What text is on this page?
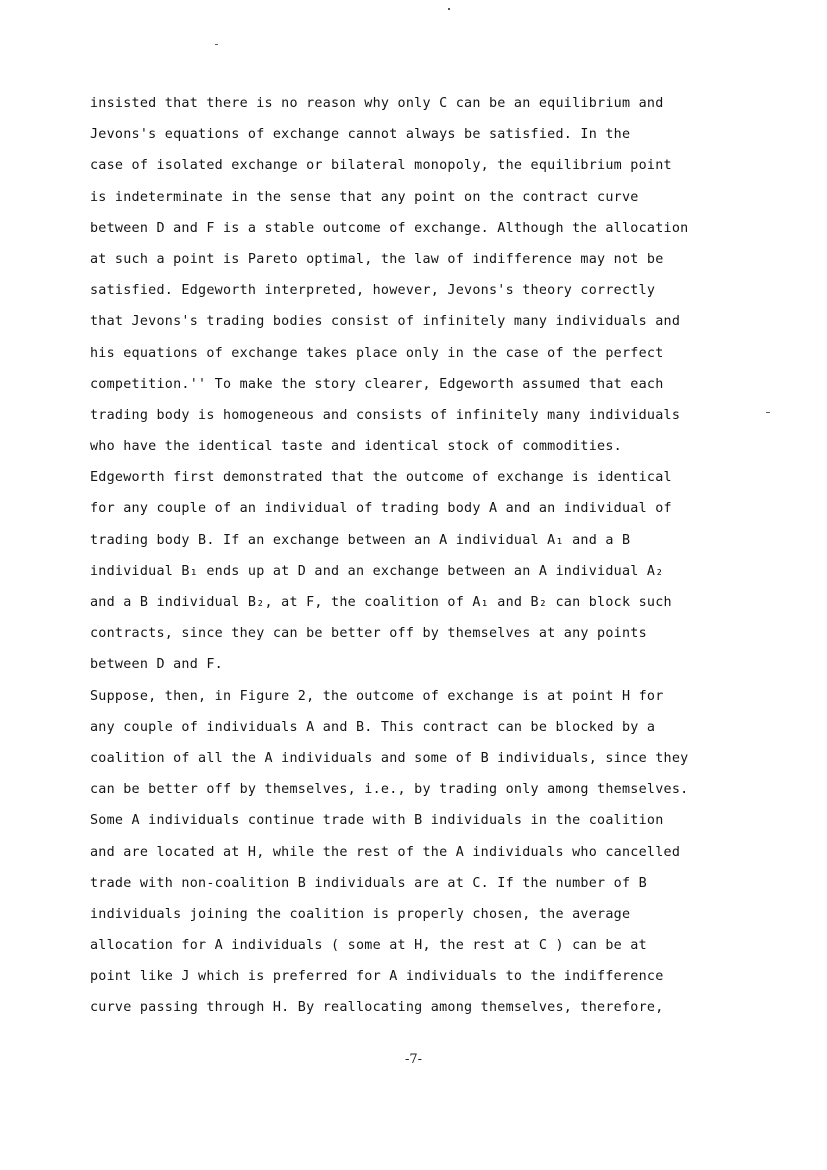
insisted that there is no reason why only C can be an equilibrium and
Jevons's equations of exchange cannot always be satisfied. In the
case of isolated exchange or bilateral monopoly, the equilibrium point
is indeterminate in the sense that any point on the contract curve
between D and F is a stable outcome of exchange. Although the allocation
at such a point is Pareto optimal, the law of indifference may not be
satisfied. Edgeworth interpreted, however, Jevons's theory correctly
that Jevons's trading bodies consist of infinitely many individuals and
his equations of exchange takes place only in the case of the perfect
competition.'' To make the story clearer, Edgeworth assumed that each
trading body is homogeneous and consists of infinitely many individuals
who have the identical taste and identical stock of commodities.
Edgeworth first demonstrated that the outcome of exchange is identical
for any couple of an individual of trading body A and an individual of
trading body B. If an exchange between an A individual A₁ and a B
individual B₁ ends up at D and an exchange between an A individual A₂
and a B individual B₂, at F, the coalition of A₁ and B₂ can block such
contracts, since they can be better off by themselves at any points
between D and F.
Suppose, then, in Figure 2, the outcome of exchange is at point H for
any couple of individuals A and B. This contract can be blocked by a
coalition of all the A individuals and some of B individuals, since they
can be better off by themselves, i.e., by trading only among themselves.
Some A individuals continue trade with B individuals in the coalition
and are located at H, while the rest of the A individuals who cancelled
trade with non-coalition B individuals are at C. If the number of B
individuals joining the coalition is properly chosen, the average
allocation for A individuals ( some at H, the rest at C ) can be at
point like J which is preferred for A individuals to the indifference
curve passing through H. By reallocating among themselves, therefore,
-7-
